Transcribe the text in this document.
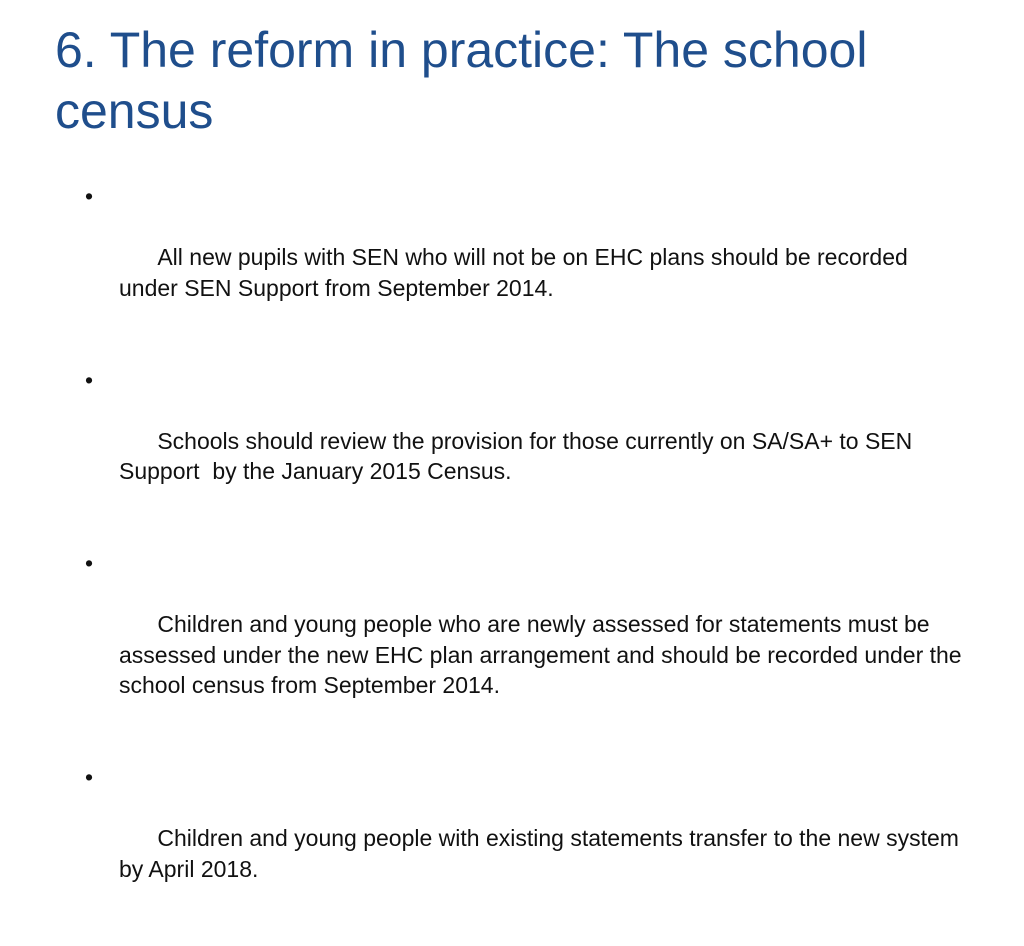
6. The reform in practice: The school census

•

All new pupils with SEN who will not be on EHC plans should be recorded under SEN Support from September 2014.

•

Schools should review the provision for those currently on SA/SA+ to SEN Support  by the January 2015 Census.

•

Children and young people who are newly assessed for statements must be assessed under the new EHC plan arrangement and should be recorded under the school census from September 2014.

•

Children and young people with existing statements transfer to the new system by April 2018.
